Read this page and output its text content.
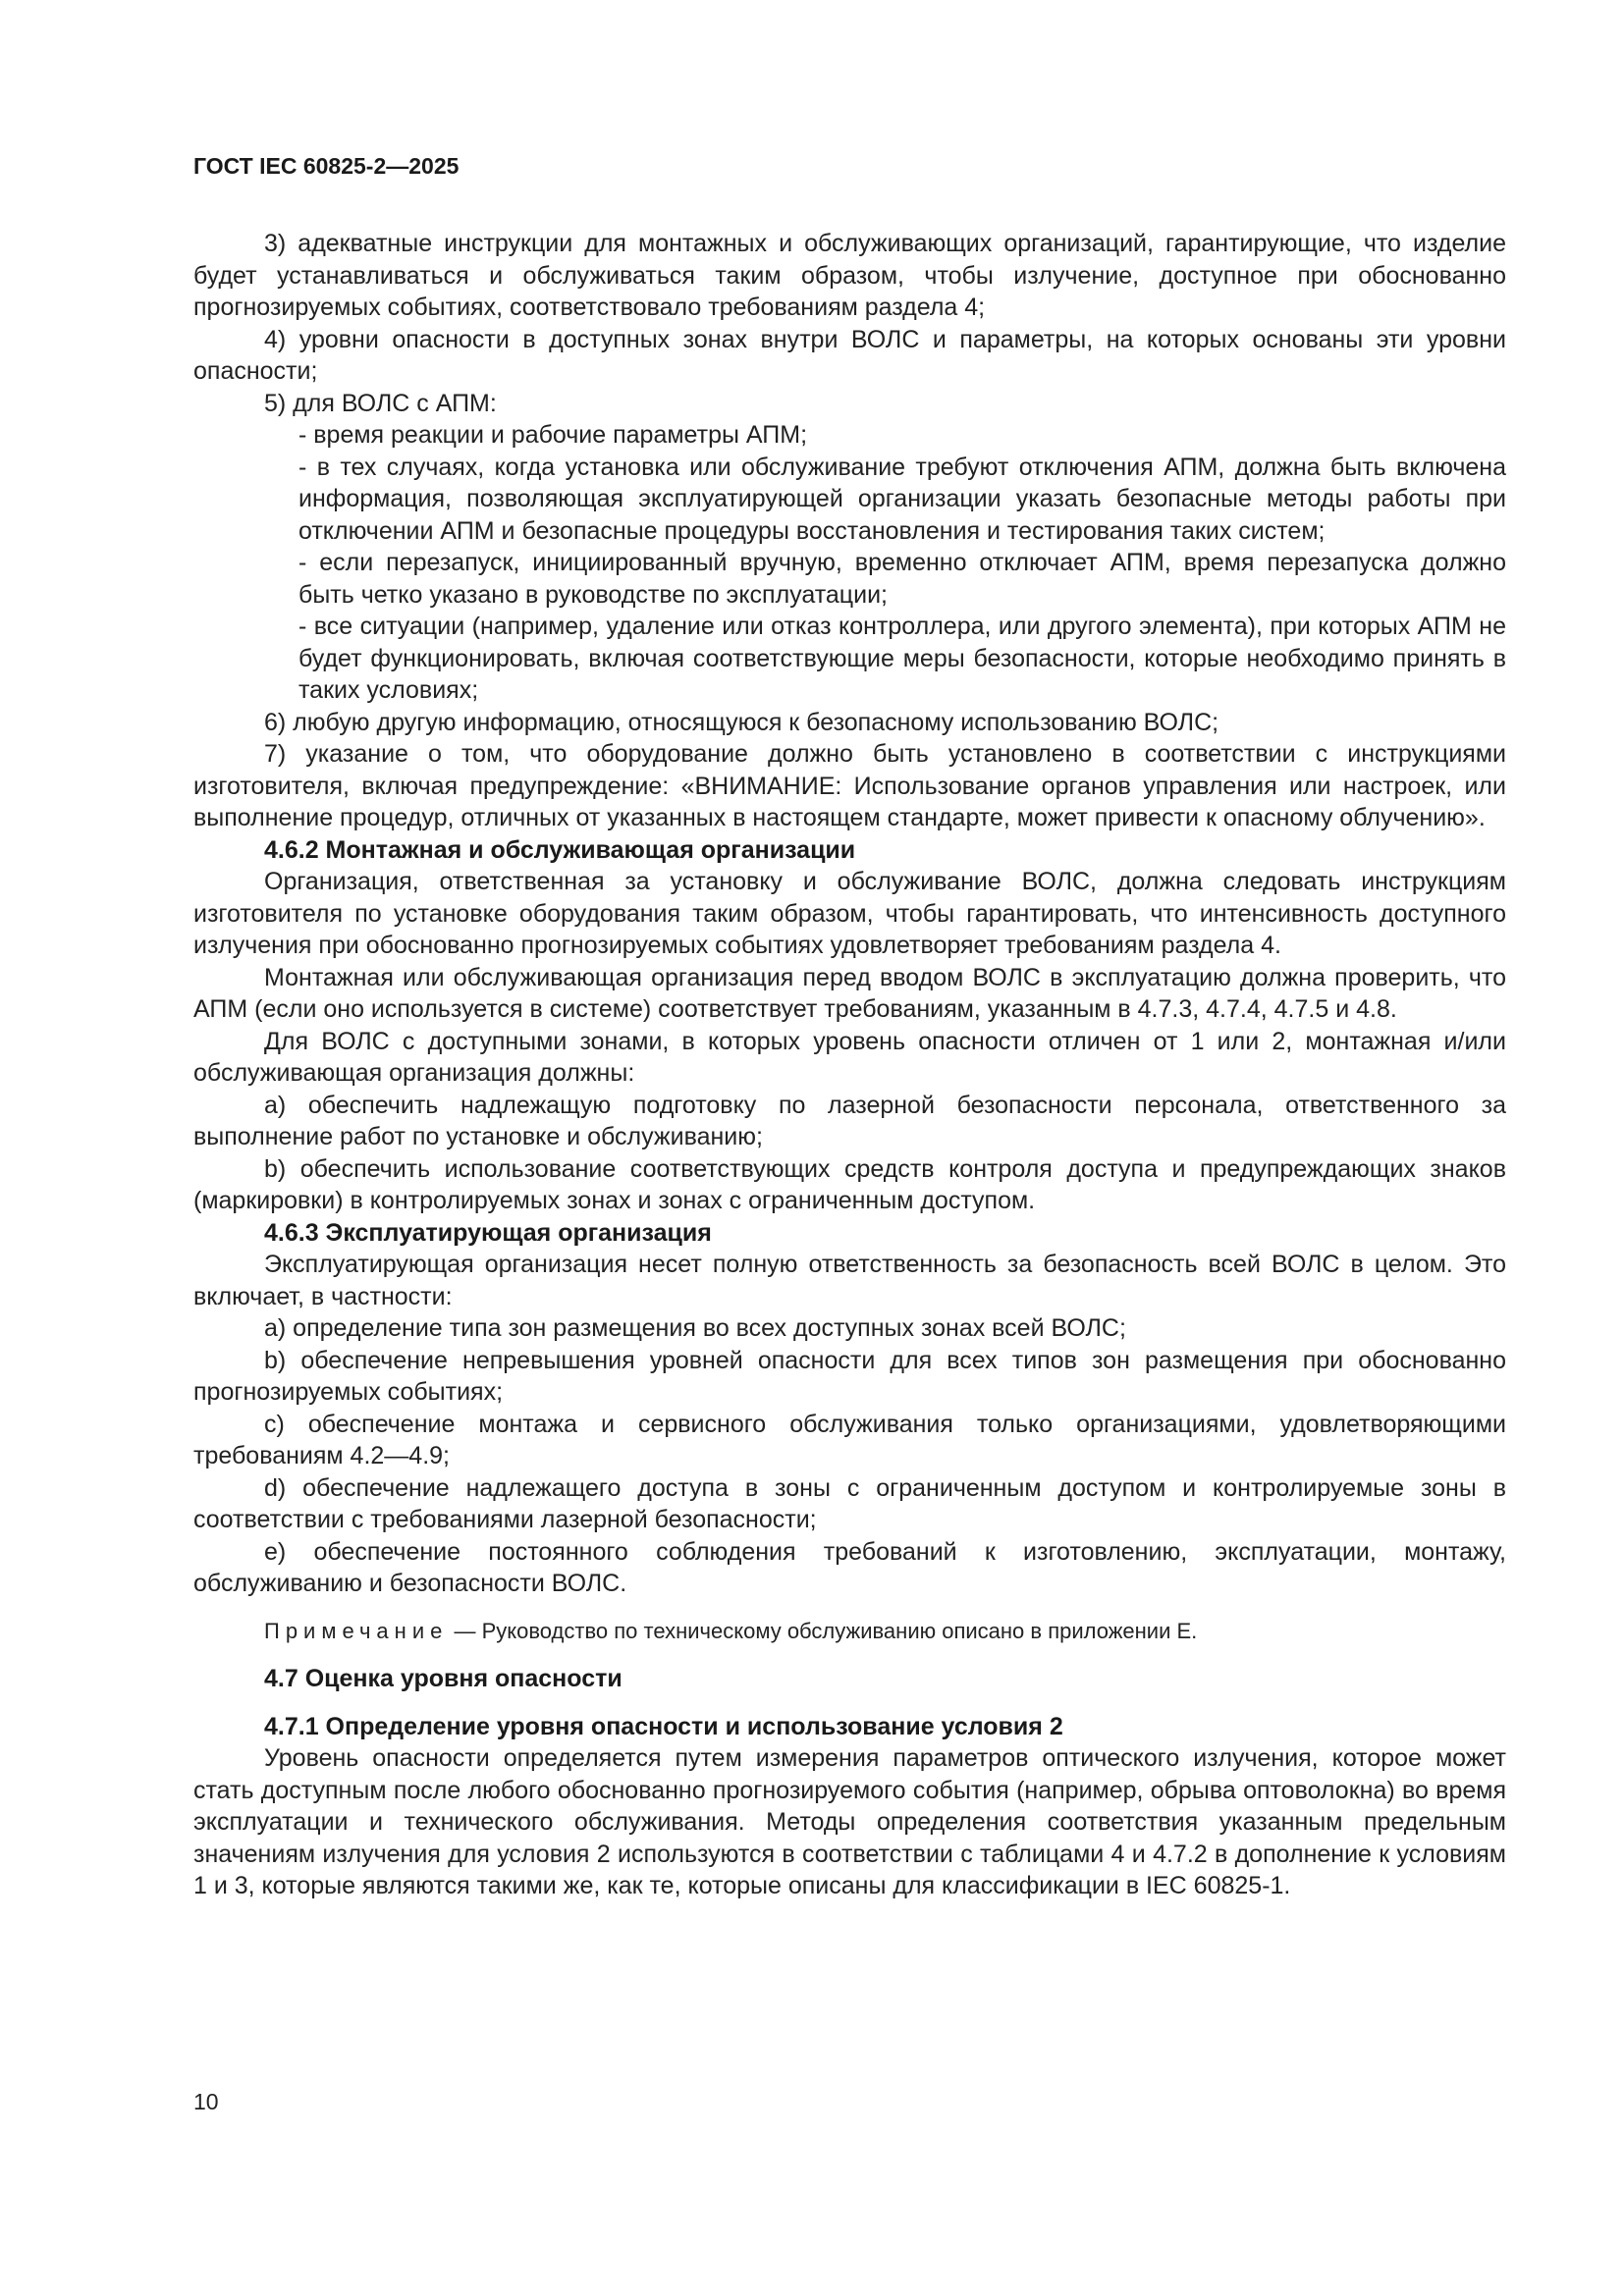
ГОСТ IEC 60825-2—2025

3) адекватные инструкции для монтажных и обслуживающих организаций, гарантирующие, что изделие будет устанавливаться и обслуживаться таким образом, чтобы излучение, доступное при обоснованно прогнозируемых событиях, соответствовало требованиям раздела 4;

4) уровни опасности в доступных зонах внутри ВОЛС и параметры, на которых основаны эти уровни опасности;

5) для ВОЛС с АПМ:

- время реакции и рабочие параметры АПМ;

- в тех случаях, когда установка или обслуживание требуют отключения АПМ, должна быть включена информация, позволяющая эксплуатирующей организации указать безопасные методы работы при отключении АПМ и безопасные процедуры восстановления и тестирования таких систем;

- если перезапуск, инициированный вручную, временно отключает АПМ, время перезапуска должно быть четко указано в руководстве по эксплуатации;

- все ситуации (например, удаление или отказ контроллера, или другого элемента), при которых АПМ не будет функционировать, включая соответствующие меры безопасности, которые необходимо принять в таких условиях;

6) любую другую информацию, относящуюся к безопасному использованию ВОЛС;

7) указание о том, что оборудование должно быть установлено в соответствии с инструкциями изготовителя, включая предупреждение: «ВНИМАНИЕ: Использование органов управления или настроек, или выполнение процедур, отличных от указанных в настоящем стандарте, может привести к опасному облучению».

4.6.2 Монтажная и обслуживающая организации

Организация, ответственная за установку и обслуживание ВОЛС, должна следовать инструкциям изготовителя по установке оборудования таким образом, чтобы гарантировать, что интенсивность доступного излучения при обоснованно прогнозируемых событиях удовлетворяет требованиям раздела 4.

Монтажная или обслуживающая организация перед вводом ВОЛС в эксплуатацию должна проверить, что АПМ (если оно используется в системе) соответствует требованиям, указанным в 4.7.3, 4.7.4, 4.7.5 и 4.8.

Для ВОЛС с доступными зонами, в которых уровень опасности отличен от 1 или 2, монтажная и/или обслуживающая организация должны:

а) обеспечить надлежащую подготовку по лазерной безопасности персонала, ответственного за выполнение работ по установке и обслуживанию;

b) обеспечить использование соответствующих средств контроля доступа и предупреждающих знаков (маркировки) в контролируемых зонах и зонах с ограниченным доступом.

4.6.3 Эксплуатирующая организация

Эксплуатирующая организация несет полную ответственность за безопасность всей ВОЛС в целом. Это включает, в частности:

а) определение типа зон размещения во всех доступных зонах всей ВОЛС;

b) обеспечение непревышения уровней опасности для всех типов зон размещения при обоснованно прогнозируемых событиях;

c) обеспечение монтажа и сервисного обслуживания только организациями, удовлетворяющими требованиям 4.2—4.9;

d) обеспечение надлежащего доступа в зоны с ограниченным доступом и контролируемые зоны в соответствии с требованиями лазерной безопасности;

е) обеспечение постоянного соблюдения требований к изготовлению, эксплуатации, монтажу, обслуживанию и безопасности ВОЛС.

Примечание — Руководство по техническому обслуживанию описано в приложении Е.

4.7 Оценка уровня опасности
4.7.1 Определение уровня опасности и использование условия 2

Уровень опасности определяется путем измерения параметров оптического излучения, которое может стать доступным после любого обоснованно прогнозируемого события (например, обрыва оптоволокна) во время эксплуатации и технического обслуживания. Методы определения соответствия указанным предельным значениям излучения для условия 2 используются в соответствии с таблицами 4 и 4.7.2 в дополнение к условиям 1 и 3, которые являются такими же, как те, которые описаны для классификации в IEC 60825-1.

10
